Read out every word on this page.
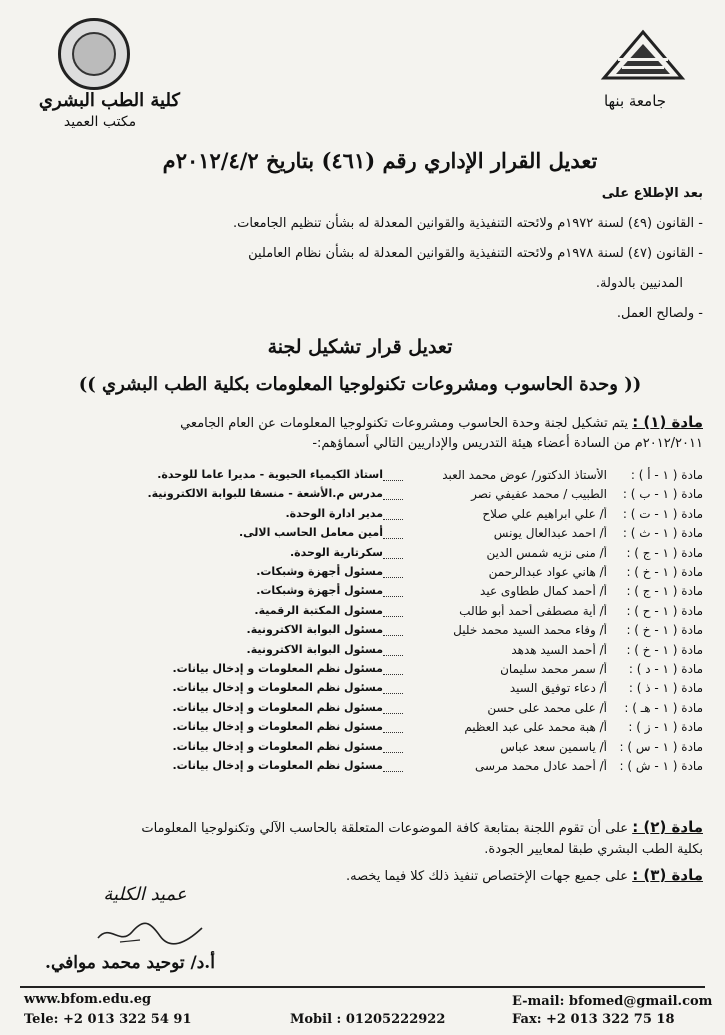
كلية الطب البشري
مكتب العميد
جامعة بنها
تعديل القرار الإداري رقم (٤٦١) بتاريخ ٢٠١٢/٤/٢م
بعد الإطلاع على
- القانون (٤٩) لسنة ١٩٧٢م ولائحته التنفيذية والقوانين المعدلة له بشأن تنظيم الجامعات.
- القانون (٤٧) لسنة ١٩٧٨م ولائحته التنفيذية والقوانين المعدلة له بشأن نظام العاملين
المدنيين بالدولة.
- ولصالح العمل.
تعديل قرار تشكيل لجنة
(( وحدة الحاسوب ومشروعات تكنولوجيا المعلومات بكلية الطب البشري ))
مادة (١) : يتم تشكيل لجنة وحدة الحاسوب ومشروعات تكنولوجيا المعلومات عن العام الجامعي
٢٠١٢/٢٠١١م من السادة أعضاء هيئة التدريس والإداريين التالي أسماؤهم:-
مادة ( ١ - أ ) :
الأستاذ الدكتور/ عوض محمد العبد
استاذ الكيمياء الحيوية - مديرا عاما للوحدة.
مادة ( ١ - ب ) :
الطبيب / محمد عفيفي نصر
مدرس م.الأشعة - منسقا للبوابة الالكترونية.
مادة ( ١ - ت ) :
أ/ علي ابراهيم علي صلاح
مدير ادارة الوحدة.
مادة ( ١ - ث ) :
أ/ احمد عبدالعال يونس
أمين معامل الحاسب الالى.
مادة ( ١ - ج ) :
أ/ منى نزيه شمس الدين
سكرتارية الوحدة.
مادة ( ١ - خ ) :
أ/ هاني عواد عبدالرحمن
مسئول أجهزة وشبكات.
مادة ( ١ - ج ) :
أ/ أحمد كمال ططاوى عيد
مسئول أجهزة وشبكات.
مادة ( ١ - ح ) :
أ/ أية مصطفى أحمد أبو طالب
مسئول المكتبة الرقمية.
مادة ( ١ - خ ) :
أ/ وفاء محمد السيد محمد خليل
مسئول البوابة الاكترونية.
مادة ( ١ - خ ) :
أ/ أحمد السيد هدهد
مسئول البوابة الاكترونية.
مادة ( ١ - د ) :
أ/ سمر محمد سليمان
مسئول نظم المعلومات و إدخال بيانات.
مادة ( ١ - ذ ) :
أ/ دعاء توفيق السيد
مسئول نظم المعلومات و إدخال بيانات.
مادة ( ١ - هـ ) :
أ/ على محمد على حسن
مسئول نظم المعلومات و إدخال بيانات.
مادة ( ١ - ز ) :
أ/ هبة محمد على عبد العظيم
مسئول نظم المعلومات و إدخال بيانات.
مادة ( ١ - س ) :
أ/ ياسمين سعد عباس
مسئول نظم المعلومات و إدخال بيانات.
مادة ( ١ - ش ) :
أ/ أحمد عادل محمد مرسى
مسئول نظم المعلومات و إدخال بيانات.
مادة (٢) : على أن تقوم اللجنة بمتابعة كافة الموضوعات المتعلقة بالحاسب الآلي وتكنولوجيا المعلومات
بكلية الطب البشري طبقا لمعايير الجودة.
مادة (٣) : على جميع جهات الإختصاص تنفيذ ذلك كلا فيما يخصه.
عميد الكلية
أ.د/ توحيد محمد موافي.
www.bfom.edu.eg
Tele: +2 013 322 54 91	Mobil : 01205222922
E-mail: bfomed@gmail.com
Fax: +2 013 322 75 18
